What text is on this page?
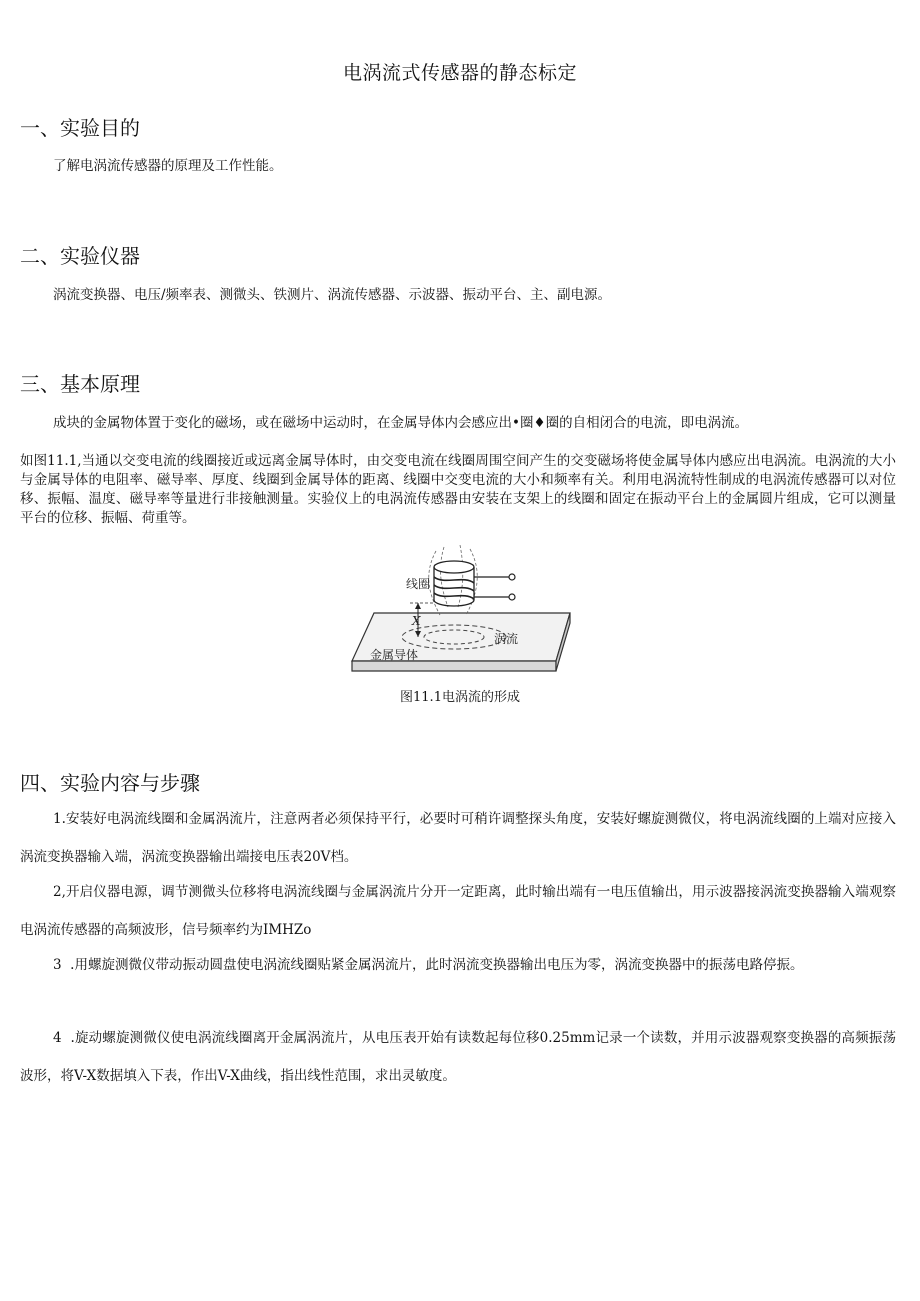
电涡流式传感器的静态标定
一、实验目的
了解电涡流传感器的原理及工作性能。
二、实验仪器
涡流变换器、电压/频率表、测微头、铁测片、涡流传感器、示波器、振动平台、主、副电源。
三、基本原理
成块的金属物体置于变化的磁场，或在磁场中运动时，在金属导体内会感应出•圈♦圈的自相闭合的电流，即电涡流。
如图11.1,当通以交变电流的线圈接近或远离金属导体时，由交变电流在线圈周围空间产生的交变磁场将使金属导体内感应出电涡流。电涡流的大小与金属导体的电阻率、磁导率、厚度、线圈到金属导体的距离、线圈中交变电流的大小和频率有关。利用电涡流特性制成的电涡流传感器可以对位移、振幅、温度、磁导率等量进行非接触测量。实验仪上的电涡流传感器由安装在支架上的线圈和固定在振动平台上的金属圆片组成，它可以测量平台的位移、振幅、荷重等。
线圈
X
涡流
金属导体
图11.1电涡流的形成
四、实验内容与步骤
1.安装好电涡流线圈和金属涡流片，注意两者必须保持平行，必要时可稍许调整探头角度，安装好螺旋测微仪，将电涡流线圈的上端对应接入涡流变换器输入端，涡流变换器输出端接电压表20V档。
2,开启仪器电源，调节测微头位移将电涡流线圈与金属涡流片分开一定距离，此时输出端有一电压值输出，用示波器接涡流变换器输入端观察电涡流传感器的高频波形，信号频率约为IMHZo
3  .用螺旋测微仪带动振动圆盘使电涡流线圈贴紧金属涡流片，此时涡流变换器输出电压为零，涡流变换器中的振荡电路停振。
4  .旋动螺旋测微仪使电涡流线圈离开金属涡流片，从电压表开始有读数起每位移0.25mm记录一个读数，并用示波器观察变换器的高频振荡波形，将V-X数据填入下表，作出V-X曲线，指出线性范围，求出灵敏度。
